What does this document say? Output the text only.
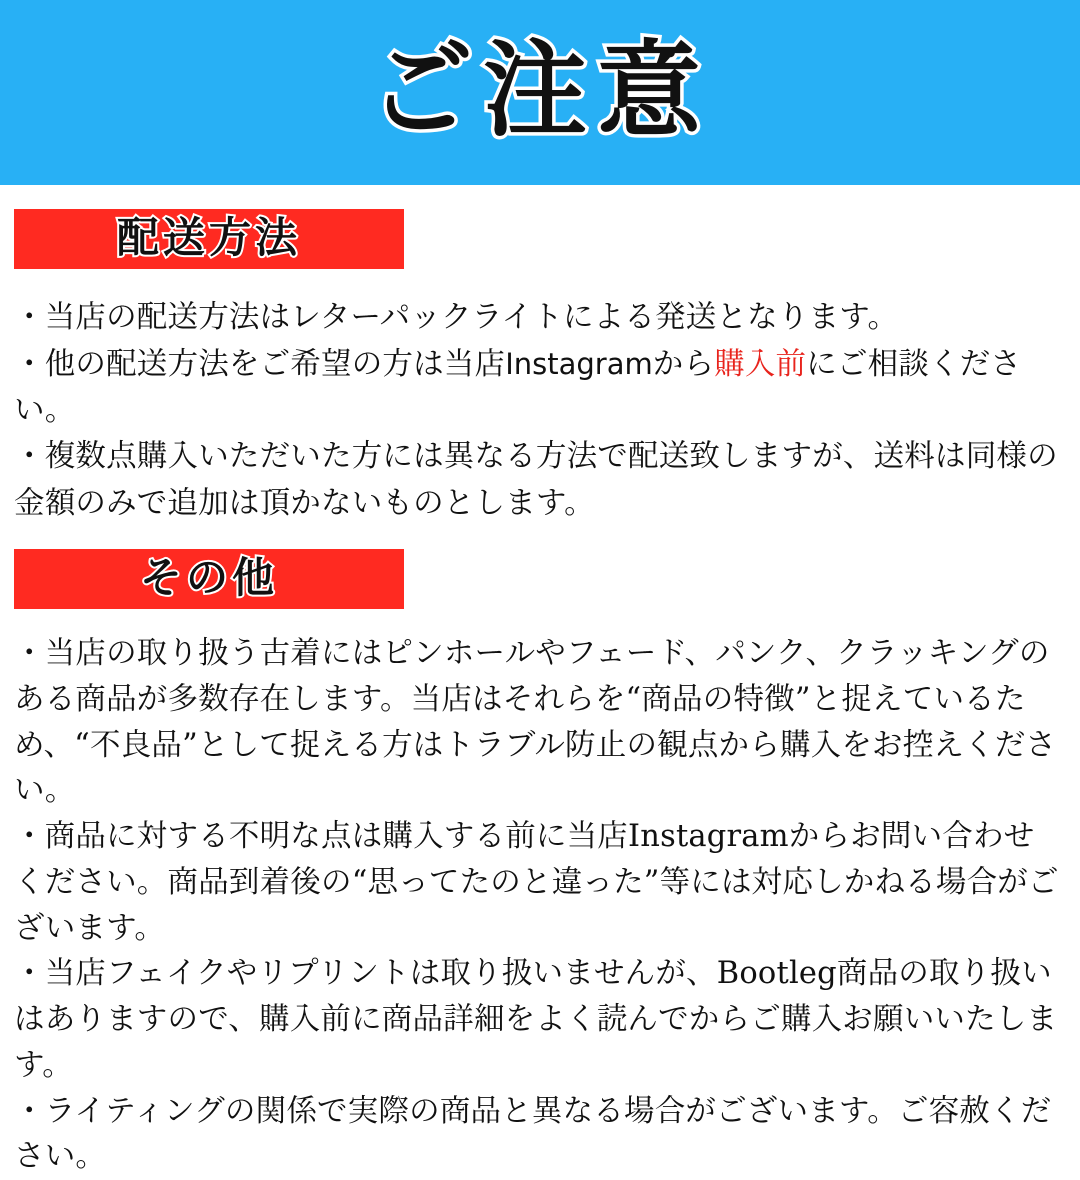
ご注意
配送方法

・当店の配送方法はレターパックライトによる発送となります。

・他の配送方法をご希望の方は当店Instagramから購入前にご相談ください。

・複数点購入いただいた方には異なる方法で配送致しますが、送料は同様の金額のみで追加は頂かないものとします。

その他

・当店の取り扱う古着にはピンホールやフェード、パンク、クラッキングのある商品が多数存在します。当店はそれらを“商品の特徴”と捉えているため、“不良品”として捉える方はトラブル防止の観点から購入をお控えください。

・商品に対する不明な点は購入する前に当店Instagramからお問い合わせください。商品到着後の“思ってたのと違った”等には対応しかねる場合がございます。

・当店フェイクやリプリントは取り扱いませんが、Bootleg商品の取り扱いはありますので、購入前に商品詳細をよく読んでからご購入お願いいたします。

・ライティングの関係で実際の商品と異なる場合がございます。ご容赦ください。
